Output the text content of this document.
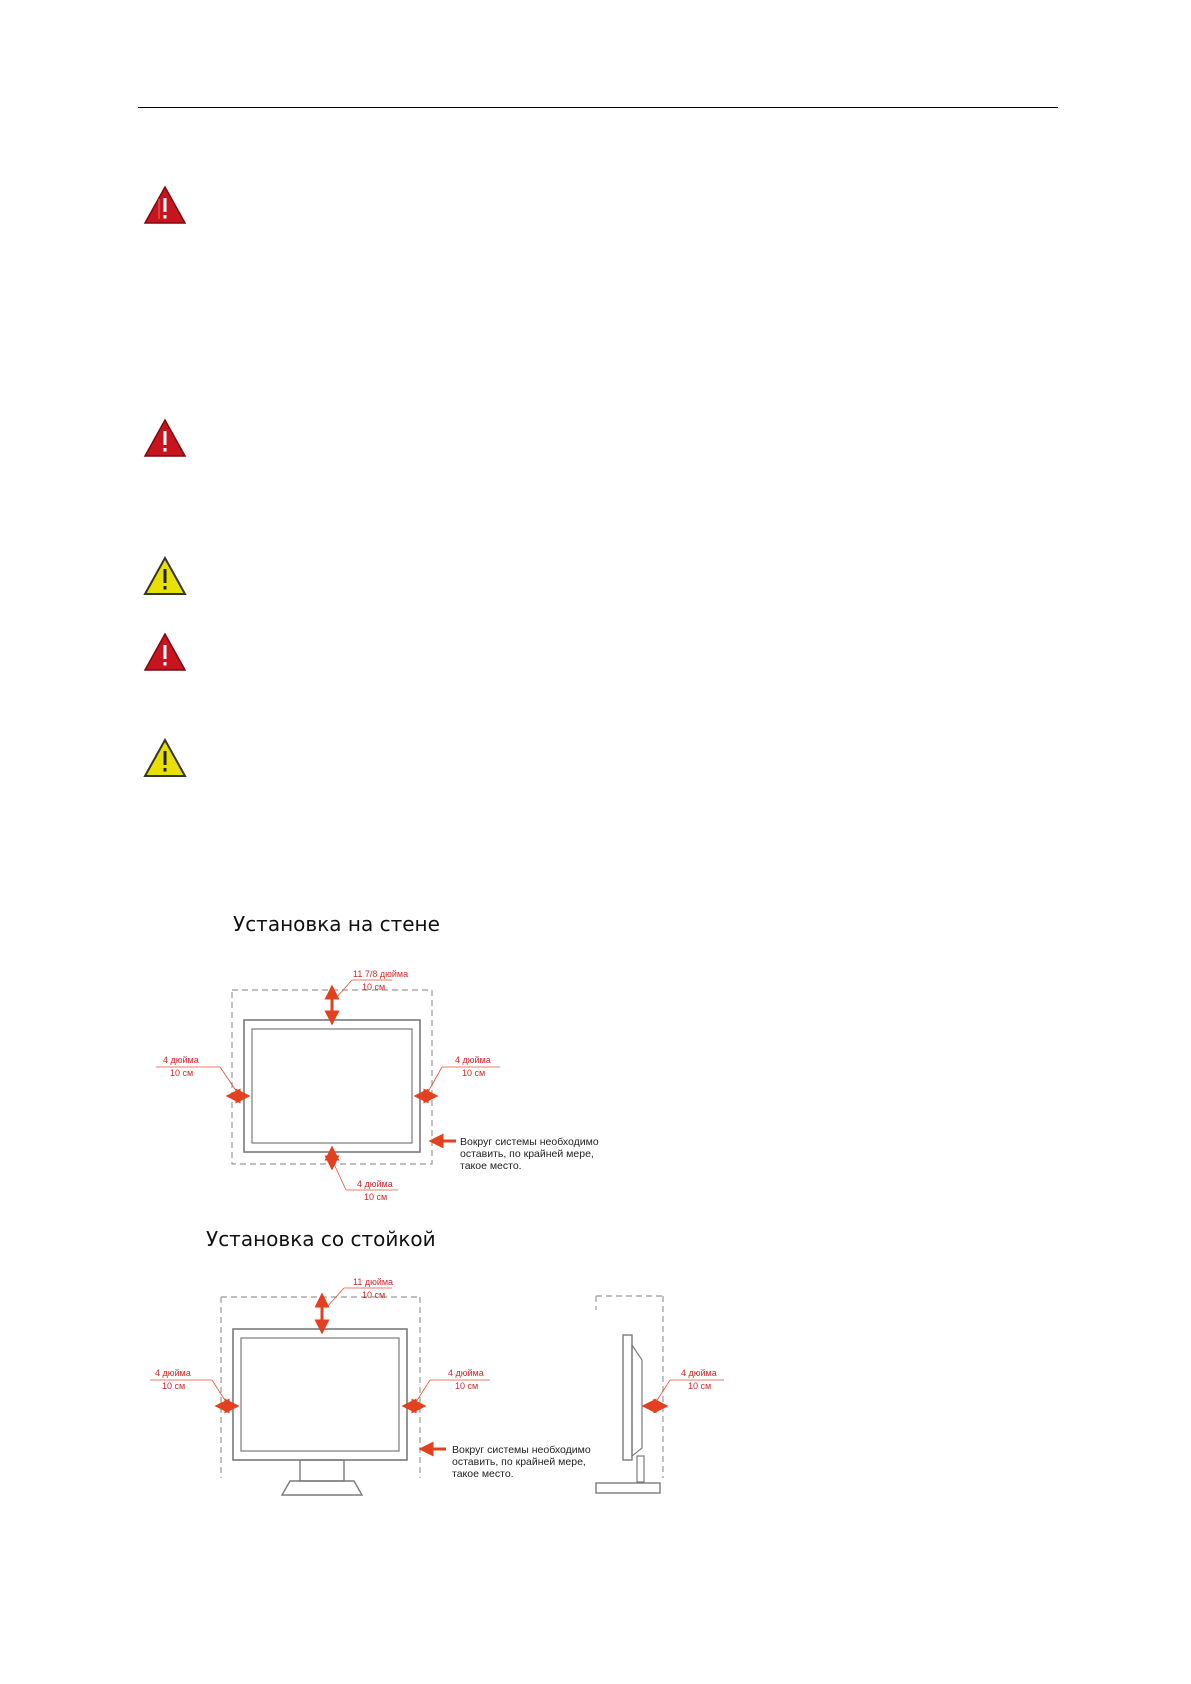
Установка на стене
Установка со стойкой
11 7/8 дюйма
10 см
4 дюйма
10 см
4 дюйма
10 см
4 дюйма
10 см
Вокруг системы необходимо
оставить, по крайней мере,
такое место.
11 дюйма
10 см
4 дюйма
10 см
4 дюйма
10 см
Вокруг системы необходимо
оставить, по крайней мере,
такое место.
4 дюйма
10 см
